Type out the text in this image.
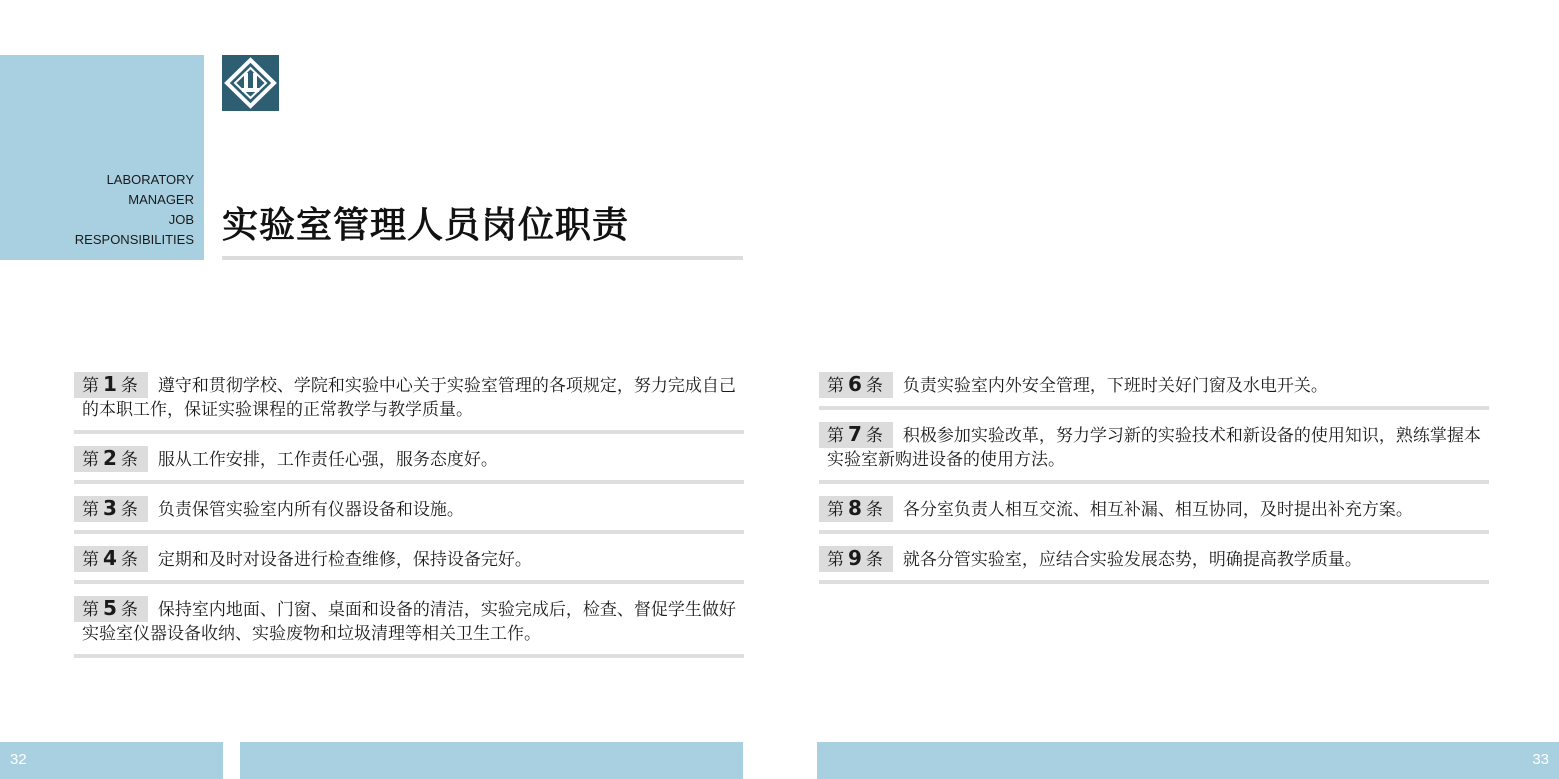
LABORATORY
MANAGER
JOB
RESPONSIBILITIES 实验室管理人员岗位职责
第 1 条 遵守和贯彻学校、学院和实验中心关于实验室管理的各项规定，努力完成自己的本职工作，保证实验课程的正常教学与教学质量。
第 2 条 服从工作安排，工作责任心强，服务态度好。
第 3 条 负责保管实验室内所有仪器设备和设施。
第 4 条 定期和及时对设备进行检查维修，保持设备完好。
第 5 条 保持室内地面、门窗、桌面和设备的清洁，实验完成后，检查、督促学生做好实验室仪器设备收纳、实验废物和垃圾清理等相关卫生工作。
第 6 条 负责实验室内外安全管理，下班时关好门窗及水电开关。
第 7 条 积极参加实验改革，努力学习新的实验技术和新设备的使用知识，熟练掌握本实验室新购进设备的使用方法。
第 8 条 各分室负责人相互交流、相互补漏、相互协同，及时提出补充方案。
第 9 条 就各分管实验室，应结合实验发展态势，明确提高教学质量。
32	33
